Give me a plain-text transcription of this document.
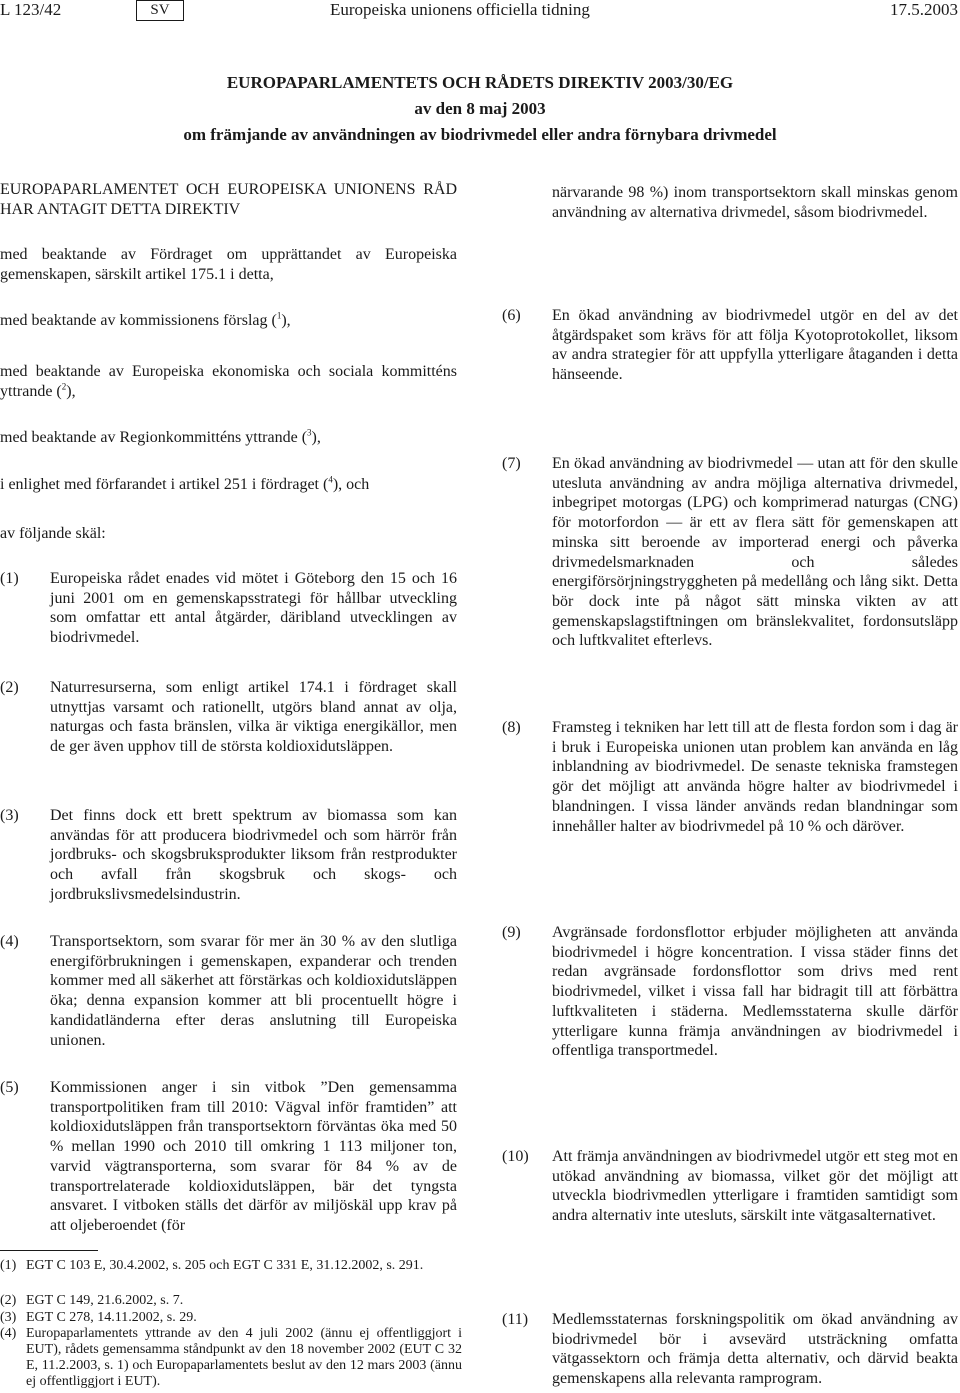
L 123/42	SV	Europeiska unionens officiella tidning	17.5.2003
EUROPAPARLAMENTETS OCH RÅDETS DIREKTIV 2003/30/EG
av den 8 maj 2003
om främjande av användningen av biodrivmedel eller andra förnybara drivmedel
EUROPAPARLAMENTET OCH EUROPEISKA UNIONENS RÅD HAR ANTAGIT DETTA DIREKTIV
med beaktande av Fördraget om upprättandet av Europeiska gemenskapen, särskilt artikel 175.1 i detta,
med beaktande av kommissionens förslag ($^1$),
med beaktande av Europeiska ekonomiska och sociala kommitténs yttrande ($^2$),
med beaktande av Regionkommitténs yttrande ($^3$),
i enlighet med förfarandet i artikel 251 i fördraget ($^4$), och
av följande skäl:
(1) Europeiska rådet enades vid mötet i Göteborg den 15 och 16 juni 2001 om en gemenskapsstrategi för hållbar utveckling som omfattar ett antal åtgärder, däribland utvecklingen av biodrivmedel.
(2) Naturresurserna, som enligt artikel 174.1 i fördraget skall utnyttjas varsamt och rationellt, utgörs bland annat av olja, naturgas och fasta bränslen, vilka är viktiga energikällor, men de ger även upphov till de största koldioxidutsläppen.
(3) Det finns dock ett brett spektrum av biomassa som kan användas för att producera biodrivmedel och som härrör från jordbruks- och skogsbruksprodukter liksom från restprodukter och avfall från skogsbruk och skogs- och jordbrukslivsmedelsindustrin.
(4) Transportsektorn, som svarar för mer än 30 % av den slutliga energiförbrukningen i gemenskapen, expanderar och trenden kommer med all säkerhet att förstärkas och koldioxidutsläppen öka; denna expansion kommer att bli procentuellt högre i kandidatländerna efter deras anslutning till Europeiska unionen.
(5) Kommissionen anger i sin vitbok ”Den gemensamma transportpolitiken fram till 2010: Vägval inför framtiden” att koldioxidutsläppen från transportsektorn förväntas öka med 50 % mellan 1990 och 2010 till omkring 1 113 miljoner ton, varvid vägtransporterna, som svarar för 84 % av de transportrelaterade koldioxidutsläppen, bär det tyngsta ansvaret. I vitboken ställs det därför av miljöskäl upp krav på att oljeberoendet (för
(1) EGT C 103 E, 30.4.2002, s. 205 och EGT C 331 E, 31.12.2002, s. 291.
(2) EGT C 149, 21.6.2002, s. 7.
(3) EGT C 278, 14.11.2002, s. 29.
(4) Europaparlamentets yttrande av den 4 juli 2002 (ännu ej offentliggjort i EUT), rådets gemensamma ståndpunkt av den 18 november 2002 (EUT C 32 E, 11.2.2003, s. 1) och Europaparlamentets beslut av den 12 mars 2003 (ännu ej offentliggjort i EUT).
närvarande 98 %) inom transportsektorn skall minskas genom användning av alternativa drivmedel, såsom biodrivmedel.
(6) En ökad användning av biodrivmedel utgör en del av det åtgärdspaket som krävs för att följa Kyotoprotokollet, liksom av andra strategier för att uppfylla ytterligare åtaganden i detta hänseende.
(7) En ökad användning av biodrivmedel — utan att för den skulle utesluta användning av andra möjliga alternativa drivmedel, inbegripet motorgas (LPG) och komprimerad naturgas (CNG) för motorfordon — är ett av flera sätt för gemenskapen att minska sitt beroende av importerad energi och påverka drivmedelsmarknaden och således energiförsörjningstryggheten på medellång och lång sikt. Detta bör dock inte på något sätt minska vikten av att gemenskapslagstiftningen om bränslekvalitet, fordonsutsläpp och luftkvalitet efterlevs.
(8) Framsteg i tekniken har lett till att de flesta fordon som i dag är i bruk i Europeiska unionen utan problem kan använda en låg inblandning av biodrivmedel. De senaste tekniska framstegen gör det möjligt att använda högre halter av biodrivmedel i blandningen. I vissa länder används redan blandningar som innehåller halter av biodrivmedel på 10 % och däröver.
(9) Avgränsade fordonsflottor erbjuder möjligheten att använda biodrivmedel i högre koncentration. I vissa städer finns det redan avgränsade fordonsflottor som drivs med rent biodrivmedel, vilket i vissa fall har bidragit till att förbättra luftkvaliteten i städerna. Medlemsstaterna skulle därför ytterligare kunna främja användningen av biodrivmedel i offentliga transportmedel.
(10) Att främja användningen av biodrivmedel utgör ett steg mot en utökad användning av biomassa, vilket gör det möjligt att utveckla biodrivmedlen ytterligare i framtiden samtidigt som andra alternativ inte utesluts, särskilt inte vätgasalternativet.
(11) Medlemsstaternas forskningspolitik om ökad användning av biodrivmedel bör i avsevärd utsträckning omfatta vätgassektorn och främja detta alternativ, och därvid beakta gemenskapens alla relevanta ramprogram.
